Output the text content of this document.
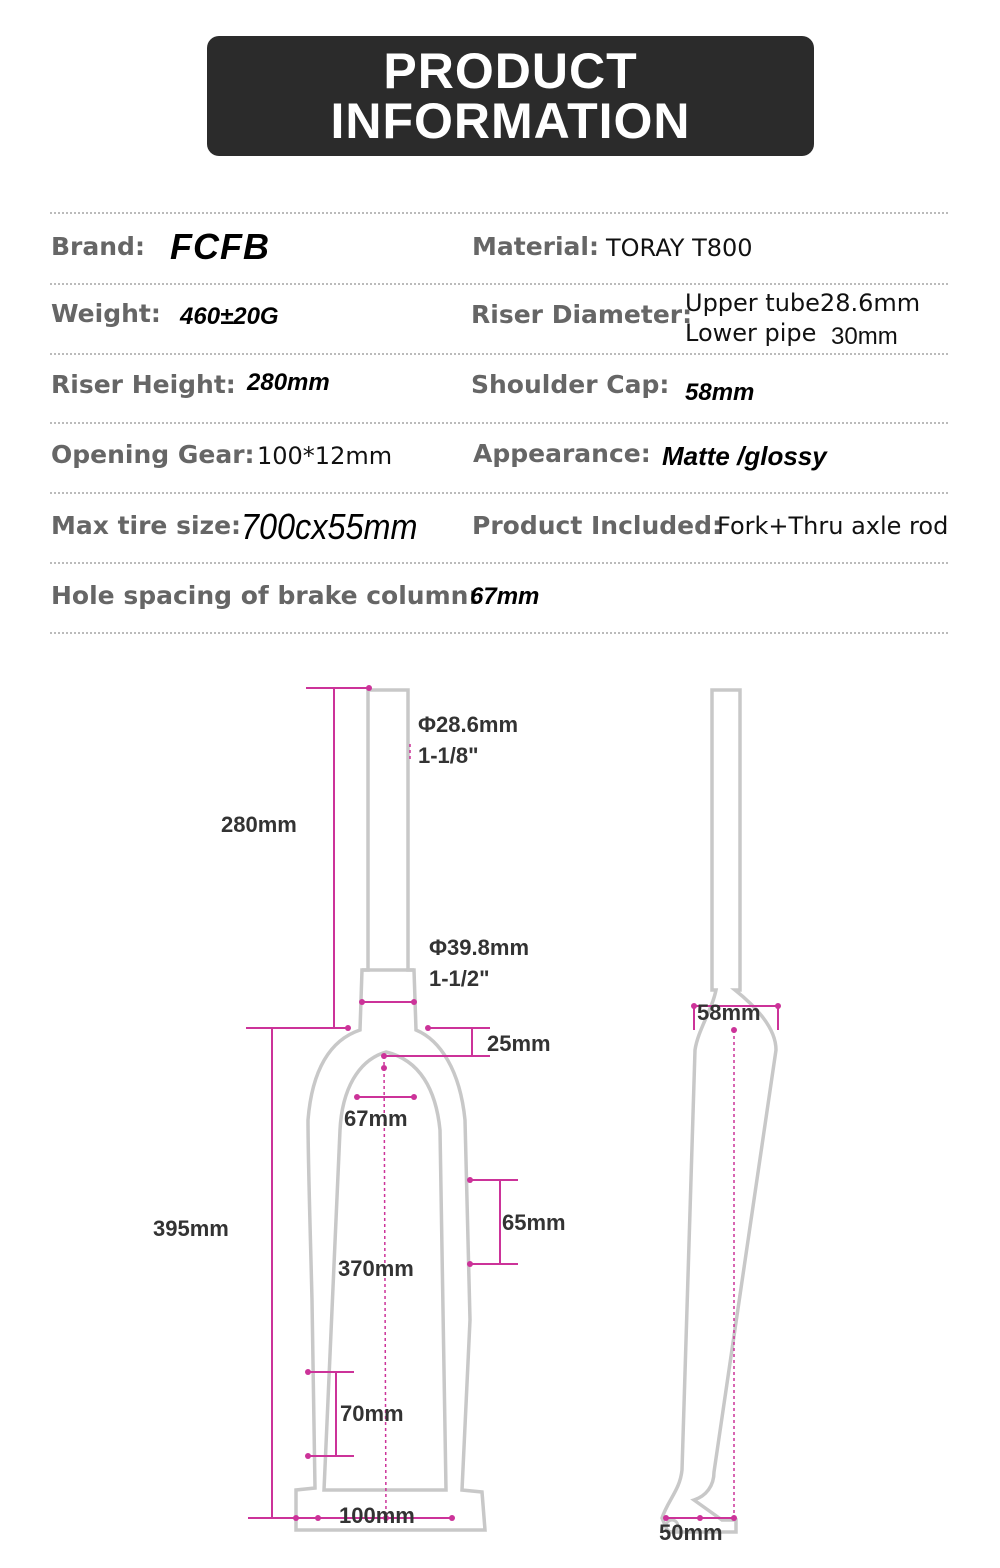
PRODUCT
INFORMATION
Brand: FCFB	Material: TORAY T800
Weight: 460±20G	Riser Diameter:
Upper tube28.6mm
Lower pipe 30mm
Riser Height: 280mm	Shoulder Cap: 58mm
Opening Gear: 100*12mm	Appearance: Matte /glossy
Max tire size: 700cx55mm Product Included:
Fork+Thru axle rod
Hole spacing of brake column:
67mm
Φ28.6mm
1-1/8"
280mm
Φ39.8mm
1-1/2"
25mm
67mm
65mm
395mm
370mm
70mm
100mm
58mm
50mm
